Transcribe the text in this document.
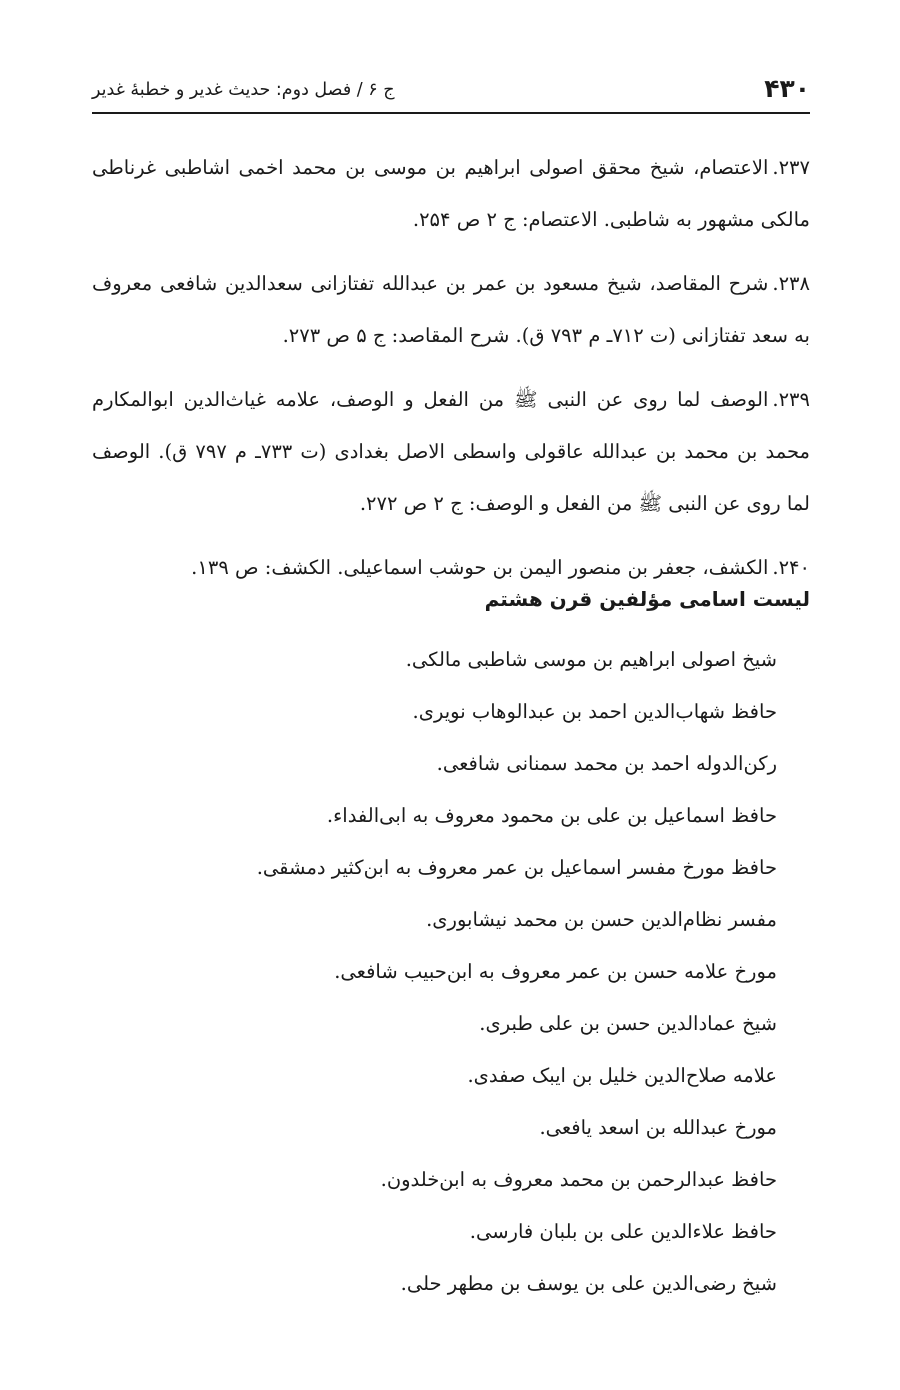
۴۳۰
ج ۶ / فصل دوم: حدیث غدیر و خطبهٔ غدیر

۲۳۷.الاعتصام، شیخ محقق اصولی ابراهیم بن موسی بن محمد اخمی اشاطبی غرناطی مالکی مشهور به شاطبی. الاعتصام: ج ۲ ص ۲۵۴.

۲۳۸.شرح المقاصد، شیخ مسعود بن عمر بن عبدالله تفتازانی سعدالدین شافعی معروف به سعد تفتازانی (ت ۷۱۲ـ م ۷۹۳ ق). شرح المقاصد: ج ۵ ص ۲۷۳.

۲۳۹.الوصف لما روی عن النبی ﷺ من الفعل و الوصف، علامه غیاث‌الدین ابوالمکارم محمد بن محمد بن عبدالله عاقولی واسطی الاصل بغدادی (ت ۷۳۳ـ م ۷۹۷ ق). الوصف لما روی عن النبی ﷺ من الفعل و الوصف: ج ۲ ص ۲۷۲.

۲۴۰.الکشف، جعفر بن منصور الیمن بن حوشب اسماعیلی. الکشف: ص ۱۳۹.

لیست اسامی مؤلفین قرن هشتم
شیخ اصولی ابراهیم بن موسی شاطبی مالکی.
حافظ شهاب‌الدین احمد بن عبدالوهاب نویری.
رکن‌الدوله احمد بن محمد سمنانی شافعی.
حافظ اسماعیل بن علی بن محمود معروف به ابی‌الفداء.
حافظ مورخ مفسر اسماعیل بن عمر معروف به ابن‌کثیر دمشقی.
مفسر نظام‌الدین حسن بن محمد نیشابوری.
مورخ علامه حسن بن عمر معروف به ابن‌حبیب شافعی.
شیخ عمادالدین حسن بن علی طبری.
علامه صلاح‌الدین خلیل بن ایبک صفدی.
مورخ عبدالله بن اسعد یافعی.
حافظ عبدالرحمن بن محمد معروف به ابن‌خلدون.
حافظ علاء‌الدین علی بن بلبان فارسی.
شیخ رضی‌الدین علی بن یوسف بن مطهر حلی.
